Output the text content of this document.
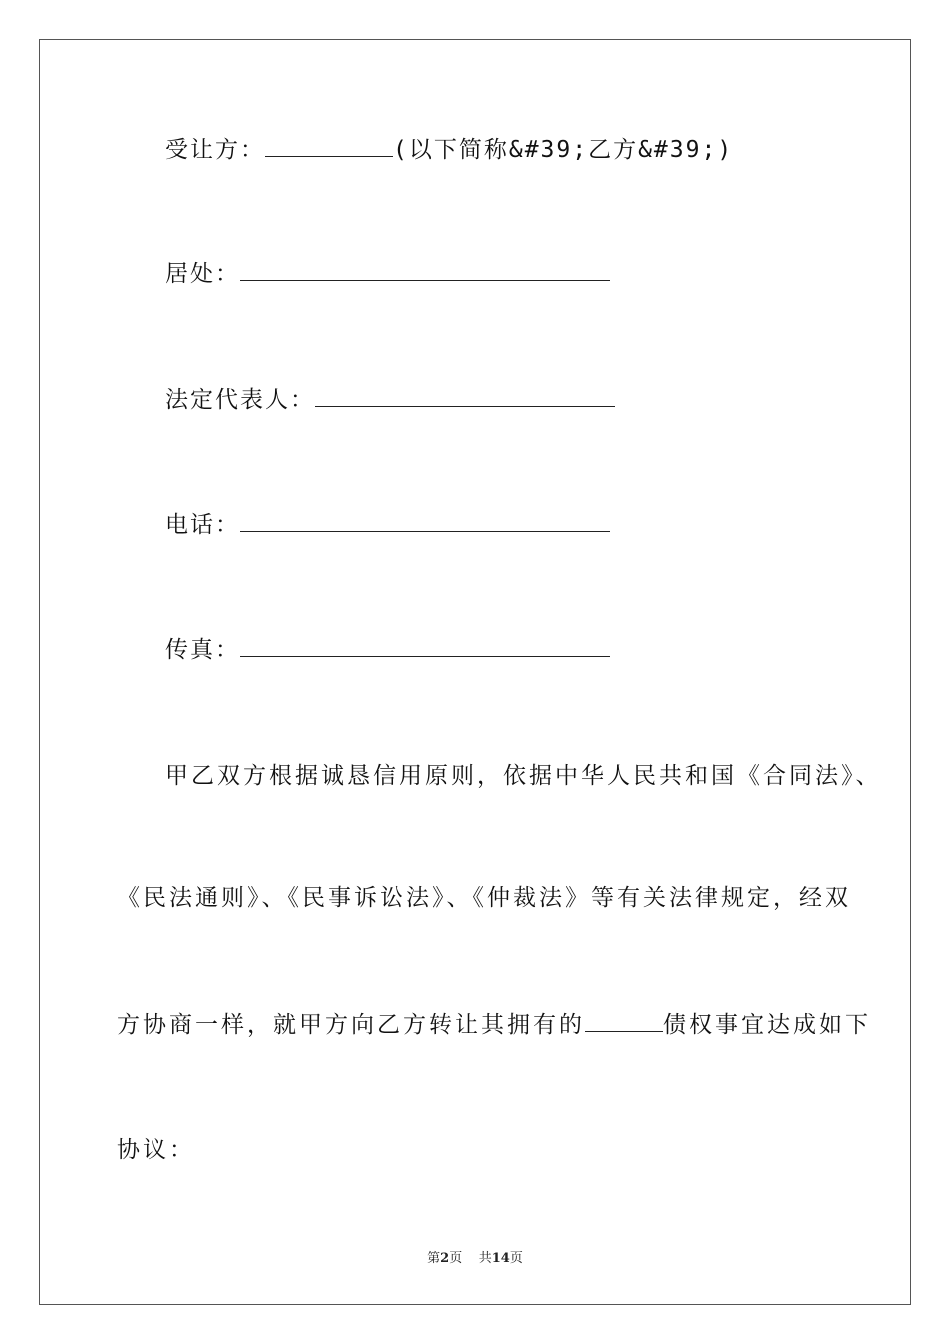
受让方：	(以下简称&#39;乙方&#39;)
居处：
法定代表人：
电话：
传真：
甲乙双方根据诚恳信用原则，依据中华人民共和国《合同法》、
《民法通则》、《民事诉讼法》、《仲裁法》等有关法律规定，经双
方协商一样，就甲方向乙方转让其拥有的	债权事宜达成如下
协议：
第2页 共14页
